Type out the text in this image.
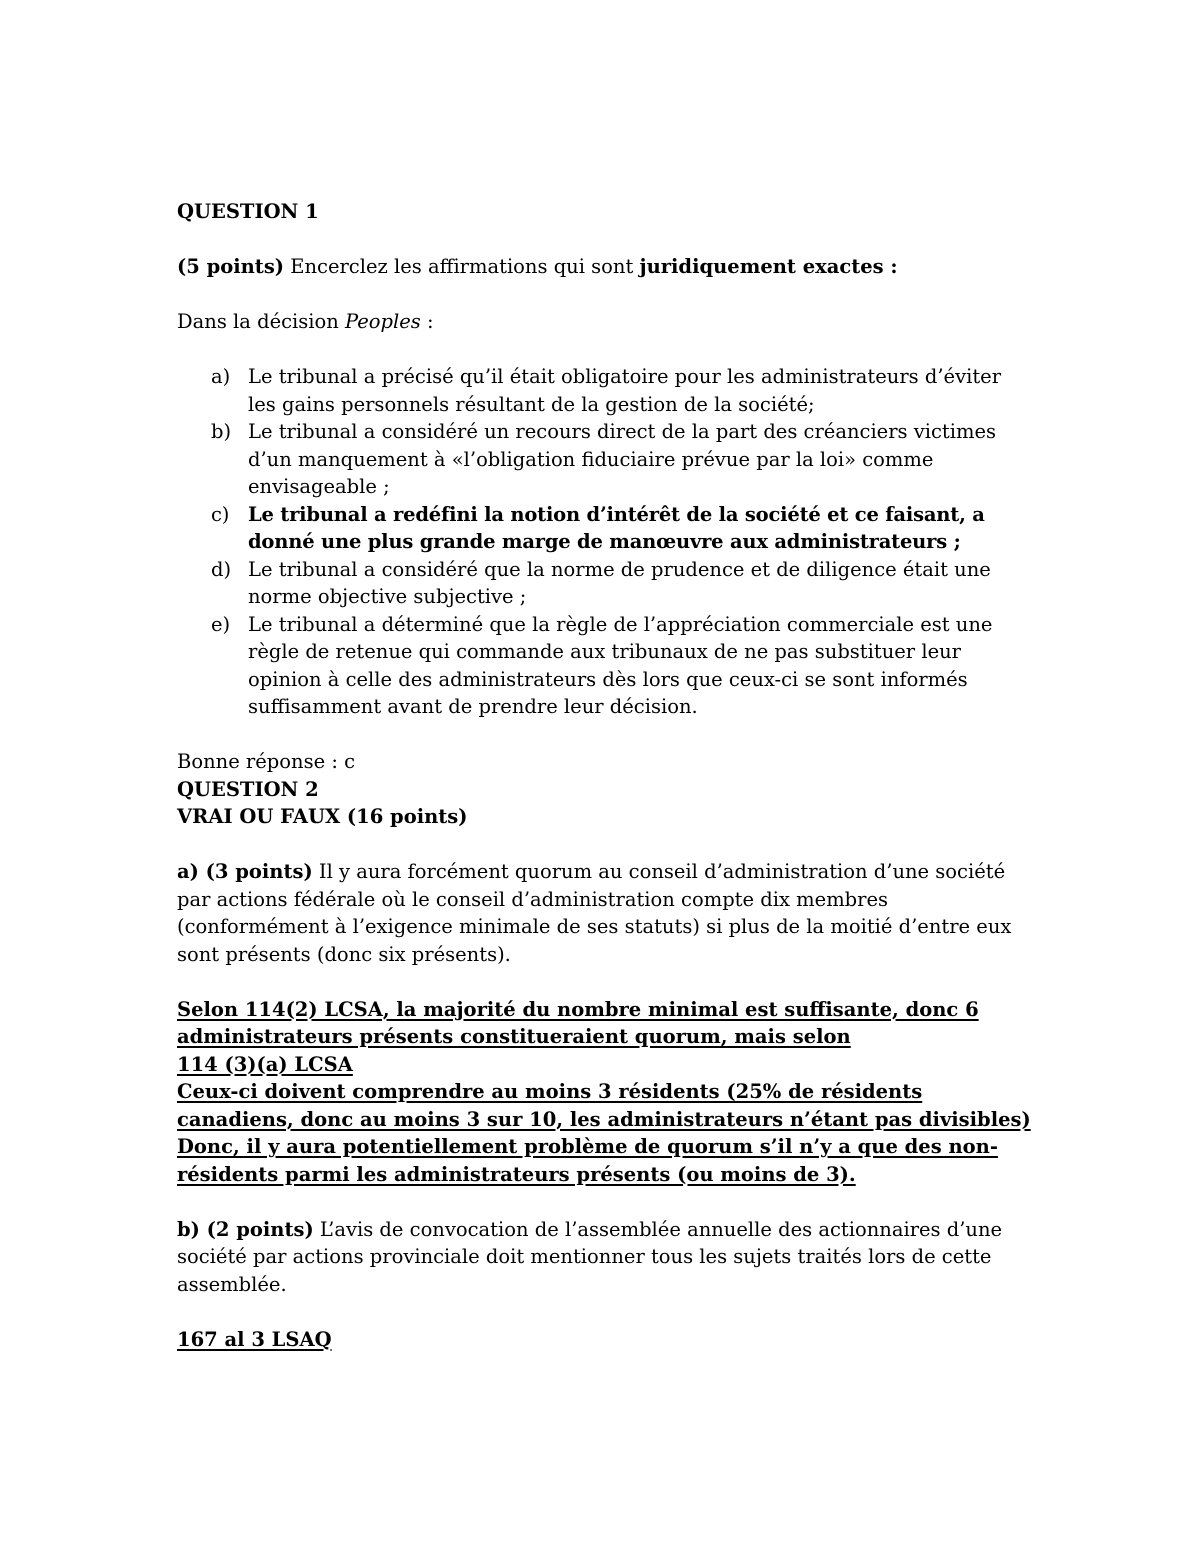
QUESTION 1

(5 points) Encerclez les affirmations qui sont juridiquement exactes :

Dans la décision Peoples :

a) Le tribunal a précisé qu’il était obligatoire pour les administrateurs d’éviter les gains personnels résultant de la gestion de la société;
b) Le tribunal a considéré un recours direct de la part des créanciers victimes d’un manquement à «l’obligation fiduciaire prévue par la loi» comme envisageable ;
c) Le tribunal a redéfini la notion d’intérêt de la société et ce faisant, a donné une plus grande marge de manœuvre aux administrateurs ;
d) Le tribunal a considéré que la norme de prudence et de diligence était une norme objective subjective ;
e) Le tribunal a déterminé que la règle de l’appréciation commerciale est une règle de retenue qui commande aux tribunaux de ne pas substituer leur opinion à celle des administrateurs dès lors que ceux-ci se sont informés suffisamment avant de prendre leur décision.

Bonne réponse : c

QUESTION 2

VRAI OU FAUX (16 points)

a) (3 points) Il y aura forcément quorum au conseil d’administration d’une société par actions fédérale où le conseil d’administration compte dix membres (conformément à l’exigence minimale de ses statuts) si plus de la moitié d’entre eux sont présents (donc six présents).

Selon 114(2) LCSA, la majorité du nombre minimal est suffisante, donc 6 administrateurs présents constitueraient quorum, mais selon

114 (3)(a) LCSA

Ceux-ci doivent comprendre au moins 3 résidents (25% de résidents canadiens, donc au moins 3 sur 10, les administrateurs n’étant pas divisibles) Donc, il y aura potentiellement problème de quorum s’il n’y a que des non-résidents parmi les administrateurs présents (ou moins de 3).

b) (2 points) L’avis de convocation de l’assemblée annuelle des actionnaires d’une société par actions provinciale doit mentionner tous les sujets traités lors de cette assemblée.

167 al 3 LSAQ
